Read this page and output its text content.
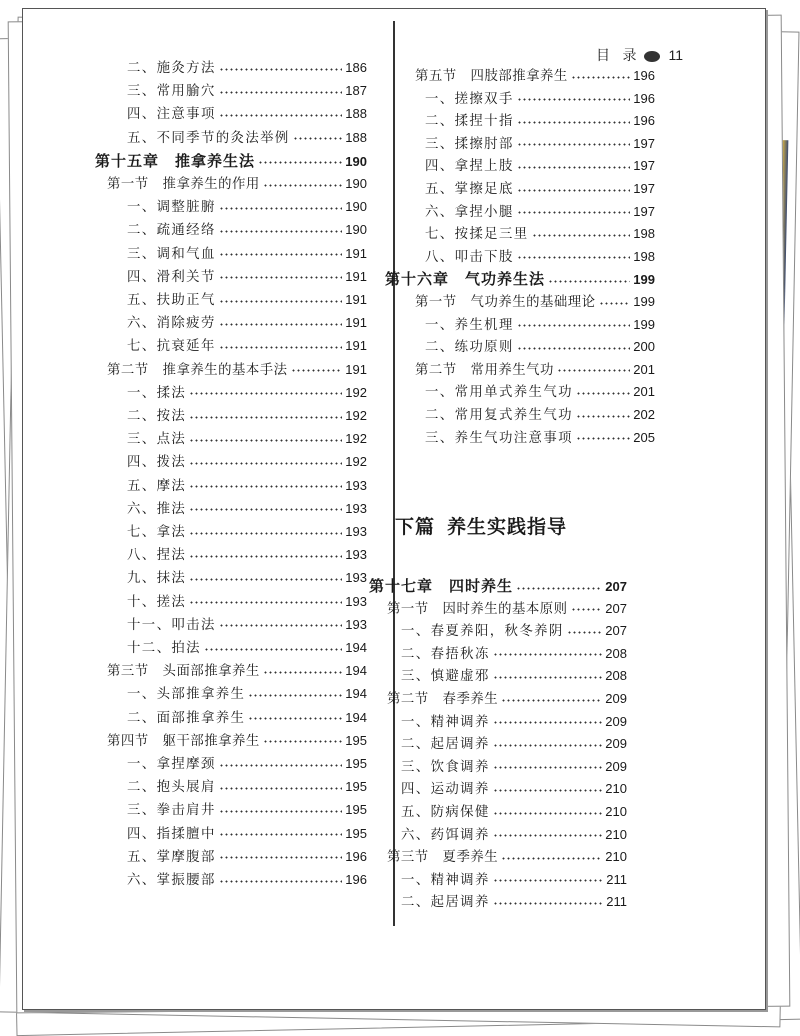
目 录 11
二、施灸方法	186
三、常用腧穴	187
四、注意事项	188
五、不同季节的灸法举例	188
第十五章　推拿养生法	190
第一节　推拿养生的作用	190
一、调整脏腑	190
二、疏通经络	190
三、调和气血	191
四、滑利关节	191
五、扶助正气	191
六、消除疲劳	191
七、抗衰延年	191
第二节　推拿养生的基本手法	191
一、揉法	192
二、按法	192
三、点法	192
四、拨法	192
五、摩法	193
六、推法	193
七、拿法	193
八、捏法	193
九、抹法	193
十、搓法	193
十一、叩击法	193
十二、拍法	194
第三节　头面部推拿养生	194
一、头部推拿养生	194
二、面部推拿养生	194
第四节　躯干部推拿养生	195
一、拿捏摩颈	195
二、抱头展肩	195
三、拳击肩井	195
四、指揉膻中	195
五、掌摩腹部	196
六、掌振腰部	196
第五节　四肢部推拿养生	196
一、搓擦双手	196
二、揉捏十指	196
三、揉擦肘部	197
四、拿捏上肢	197
五、掌擦足底	197
六、拿捏小腿	197
七、按揉足三里	198
八、叩击下肢	198
第十六章　气功养生法	199
第一节　气功养生的基础理论	199
一、养生机理	199
二、练功原则	200
第二节　常用养生气功	201
一、常用单式养生气功	201
二、常用复式养生气功	202
三、养生气功注意事项	205
下篇 养生实践指导
第十七章　四时养生	207
第一节　因时养生的基本原则	207
一、春夏养阳，秋冬养阴	207
二、春捂秋冻	208
三、慎避虚邪	208
第二节　春季养生	209
一、精神调养	209
二、起居调养	209
三、饮食调养	209
四、运动调养	210
五、防病保健	210
六、药饵调养	210
第三节　夏季养生	210
一、精神调养	211
二、起居调养	211
